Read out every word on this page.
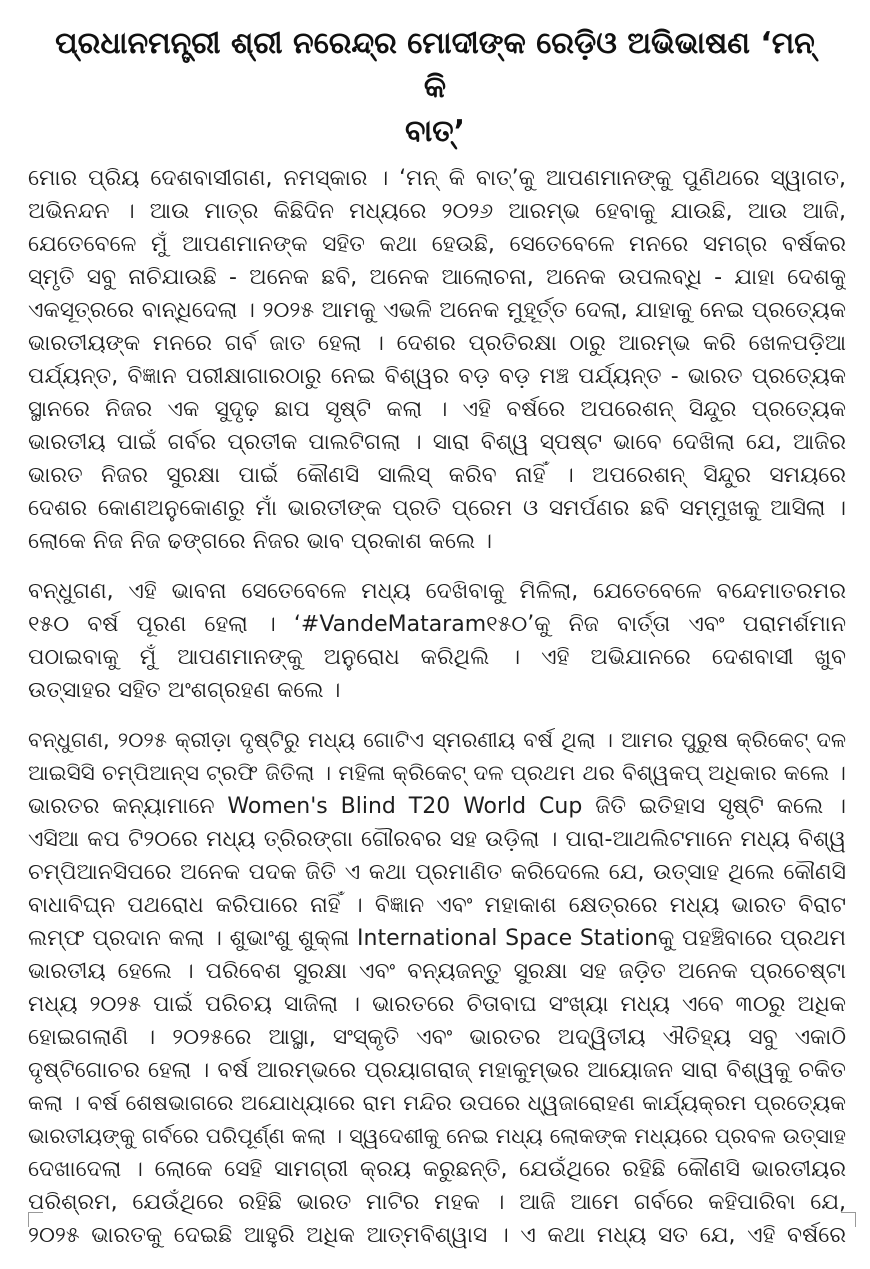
ପ୍ରଧାନମନ୍ତ୍ରୀ ଶ୍ରୀ ନରେନ୍ଦ୍ର ମୋଦୀଙ୍କ ରେଡ଼ିଓ ଅଭିଭାଷଣ ‘ମନ୍ କି
ବାତ୍’
ମୋର ପ୍ରିୟ ଦେଶବାସୀଗଣ, ନମସ୍କାର । ‘ମନ୍ କି ବାତ୍’କୁ ଆପଣମାନଙ୍କୁ ପୁଣିଥରେ ସ୍ୱାଗତ,
ଅଭିନନ୍ଦନ । ଆଉ ମାତ୍ର କିଛିଦିନ ମଧ୍ୟରେ ୨୦୨୬ ଆରମ୍ଭ ହେବାକୁ ଯାଉଛି, ଆଉ ଆଜି,
ଯେତେବେଳେ ମୁଁ ଆପଣମାନଙ୍କ ସହିତ କଥା ହେଉଛି, ସେତେବେଳେ ମନରେ ସମଗ୍ର ବର୍ଷକର
ସ୍ମୃତି ସବୁ ନାଚିଯାଉଛି - ଅନେକ ଛବି, ଅନେକ ଆଲୋଚନା, ଅନେକ ଉପଲବ୍ଧି - ଯାହା ଦେଶକୁ
ଏକସୂତ୍ରରେ ବାନ୍ଧିଦେଲା । ୨୦୨୫ ଆମକୁ ଏଭଳି ଅନେକ ମୁହୂର୍ତ୍ତ ଦେଲା, ଯାହାକୁ ନେଇ ପ୍ରତ୍ୟେକ
ଭାରତୀୟଙ୍କ ମନରେ ଗର୍ବ ଜାତ ହେଲା । ଦେଶର ପ୍ରତିରକ୍ଷା ଠାରୁ ଆରମ୍ଭ କରି ଖେଳପଡ଼ିଆ
ପର୍ଯ୍ୟନ୍ତ, ବିଜ୍ଞାନ ପରୀକ୍ଷାଗାରଠାରୁ ନେଇ ବିଶ୍ୱର ବଡ଼ ବଡ଼ ମଞ୍ଚ ପର୍ଯ୍ୟନ୍ତ - ଭାରତ ପ୍ରତ୍ୟେକ
ସ୍ଥାନରେ ନିଜର ଏକ ସୁଦୃଢ଼ ଛାପ ସୃଷ୍ଟି କଲା । ଏହି ବର୍ଷରେ ଅପରେଶନ୍ ସିନ୍ଦୁର ପ୍ରତ୍ୟେକ
ଭାରତୀୟ ପାଇଁ ଗର୍ବର ପ୍ରତୀକ ପାଲଟିଗଲା । ସାରା ବିଶ୍ୱ ସ୍ପଷ୍ଟ ଭାବେ ଦେଖିଲା ଯେ, ଆଜିର
ଭାରତ ନିଜର ସୁରକ୍ଷା ପାଇଁ କୌଣସି ସାଲିସ୍ କରିବ ନାହିଁ । ଅପରେଶନ୍ ସିନ୍ଦୁର ସମୟରେ
ଦେଶର କୋଣଅନୁକୋଣରୁ ମାଁ ଭାରତୀଙ୍କ ପ୍ରତି ପ୍ରେମ ଓ ସମର୍ପଣର ଛବି ସମ୍ମୁଖକୁ ଆସିଲା ।
ଲୋକେ ନିଜ ନିଜ ଢଙ୍ଗରେ ନିଜର ଭାବ ପ୍ରକାଶ କଲେ ।
ବନ୍ଧୁଗଣ, ଏହି ଭାବନା ସେତେବେଳେ ମଧ୍ୟ ଦେଖିବାକୁ ମିଳିଲା, ଯେତେବେଳେ ବନ୍ଦେମାତରମର
୧୫୦ ବର୍ଷ ପୂରଣ ହେଲା । ‘#VandeMataram୧୫୦’କୁ ନିଜ ବାର୍ତ୍ତା ଏବଂ ପରାମର୍ଶମାନ
ପଠାଇବାକୁ ମୁଁ ଆପଣମାନଙ୍କୁ ଅନୁରୋଧ କରିଥିଲି । ଏହି ଅଭିଯାନରେ ଦେଶବାସୀ ଖୁବ
ଉତ୍ସାହର ସହିତ ଅଂଶଗ୍ରହଣ କଲେ ।
ବନ୍ଧୁଗଣ, ୨୦୨୫ କ୍ରୀଡ଼ା ଦୃଷ୍ଟିରୁ ମଧ୍ୟ ଗୋଟିଏ ସ୍ମରଣୀୟ ବର୍ଷ ଥିଲା । ଆମର ପୁରୁଷ କ୍ରିକେଟ୍ ଦଳ
ଆଇସିସି ଚମ୍ପିଆନ୍ସ ଟ୍ରଫି ଜିତିଲା । ମହିଳା କ୍ରିକେଟ୍ ଦଳ ପ୍ରଥମ ଥର ବିଶ୍ୱକପ୍ ଅଧିକାର କଲେ ।
ଭାରତର କନ୍ୟାମାନେ Women's Blind T20 World Cup ଜିତି ଇତିହାସ ସୃଷ୍ଟି କଲେ ।
ଏସିଆ କପ ଟି୨୦ରେ ମଧ୍ୟ ତ୍ରିରଙ୍ଗା ଗୌରବର ସହ ଉଡ଼ିଲା । ପାରା-ଆଥଲିଟମାନେ ମଧ୍ୟ ବିଶ୍ୱ
ଚମ୍ପିଆନସିପରେ ଅନେକ ପଦକ ଜିତି ଏ କଥା ପ୍ରମାଣିତ କରିଦେଲେ ଯେ, ଉତ୍ସାହ ଥିଲେ କୌଣସି
ବାଧାବିଘ୍ନ ପଥରୋଧ କରିପାରେ ନାହିଁ । ବିଜ୍ଞାନ ଏବଂ ମହାକାଶ କ୍ଷେତ୍ରରେ ମଧ୍ୟ ଭାରତ ବିରାଟ
ଲମ୍ଫ ପ୍ରଦାନ କଲା । ଶୁଭାଂଶୁ ଶୁକ୍ଳା International Space Stationକୁ ପହଞ୍ଚିବାରେ ପ୍ରଥମ
ଭାରତୀୟ ହେଲେ । ପରିବେଶ ସୁରକ୍ଷା ଏବଂ ବନ୍ୟଜନ୍ତୁ ସୁରକ୍ଷା ସହ ଜଡ଼ିତ ଅନେକ ପ୍ରଚେଷ୍ଟା
ମଧ୍ୟ ୨୦୨୫ ପାଇଁ ପରିଚୟ ସାଜିଲା । ଭାରତରେ ଚିତାବାଘ ସଂଖ୍ୟା ମଧ୍ୟ ଏବେ ୩୦ରୁ ଅଧିକ
ହୋଇଗଲାଣି । ୨୦୨୫ରେ ଆସ୍ଥା, ସଂସ୍କୃତି ଏବଂ ଭାରତର ଅଦ୍ୱିତୀୟ ଐତିହ୍ୟ ସବୁ ଏକାଠି
ଦୃଷ୍ଟିଗୋଚର ହେଲା । ବର୍ଷ ଆରମ୍ଭରେ ପ୍ରୟାଗରାଜ୍ ମହାକୁମ୍ଭର ଆୟୋଜନ ସାରା ବିଶ୍ୱକୁ ଚକିତ
କଲା । ବର୍ଷ ଶେଷଭାଗରେ ଅଯୋଧ୍ୟାରେ ରାମ ମନ୍ଦିର ଉପରେ ଧ୍ୱଜାରୋହଣ କାର୍ଯ୍ୟକ୍ରମ ପ୍ରତ୍ୟେକ
ଭାରତୀୟଙ୍କୁ ଗର୍ବରେ ପରିପୂର୍ଣ୍ଣ କଲା । ସ୍ୱଦେଶୀକୁ ନେଇ ମଧ୍ୟ ଲୋକଙ୍କ ମଧ୍ୟରେ ପ୍ରବଳ ଉତ୍ସାହ
ଦେଖାଦେଲା । ଲୋକେ ସେହି ସାମଗ୍ରୀ କ୍ରୟ କରୁଛନ୍ତି, ଯେଉଁଥିରେ ରହିଛି କୌଣସି ଭାରତୀୟର
ପରିଶ୍ରମ, ଯେଉଁଥିରେ ରହିଛି ଭାରତ ମାଟିର ମହକ । ଆଜି ଆମେ ଗର୍ବରେ କହିପାରିବା ଯେ,
୨୦୨୫ ଭାରତକୁ ଦେଇଛି ଆହୁରି ଅଧିକ ଆତ୍ମବିଶ୍ୱାସ । ଏ କଥା ମଧ୍ୟ ସତ ଯେ, ଏହି ବର୍ଷରେ
